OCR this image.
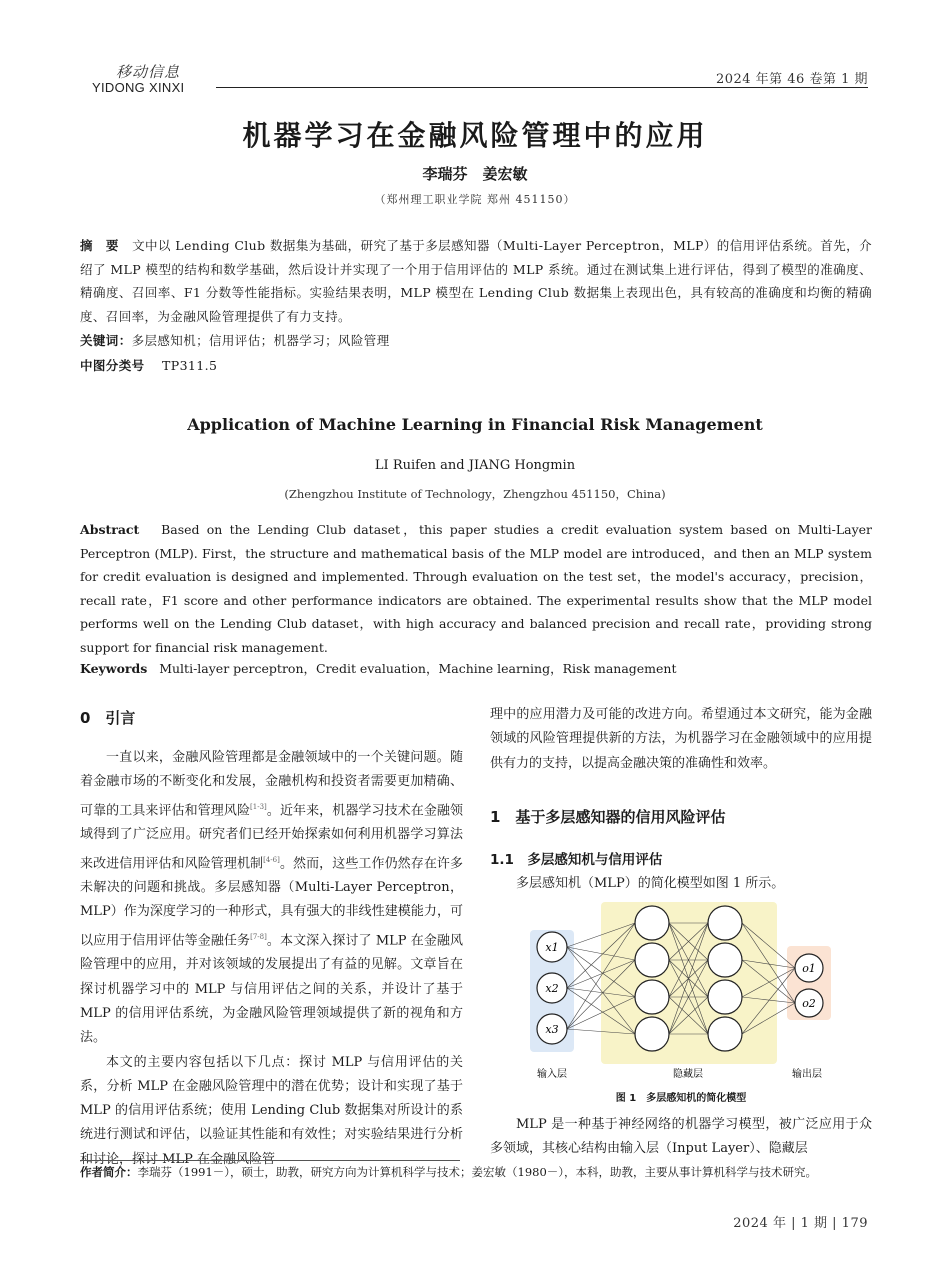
移动信息
YIDONG XINXI
2024 年第 46 卷第 1 期
机器学习在金融风险管理中的应用
李瑞芬　姜宏敏
（郑州理工职业学院 郑州 451150）
摘　要 文中以 Lending Club 数据集为基础，研究了基于多层感知器（Multi-Layer Perceptron，MLP）的信用评估系统。首先，介绍了 MLP 模型的结构和数学基础，然后设计并实现了一个用于信用评估的 MLP 系统。通过在测试集上进行评估，得到了模型的准确度、精确度、召回率、F1 分数等性能指标。实验结果表明，MLP 模型在 Lending Club 数据集上表现出色，具有较高的准确度和均衡的精确度、召回率，为金融风险管理提供了有力支持。
关键词：多层感知机；信用评估；机器学习；风险管理
中图分类号 TP311.5
Application of Machine Learning in Financial Risk Management
LI Ruifen and JIANG Hongmin
(Zhengzhou Institute of Technology，Zhengzhou 451150，China)
Abstract Based on the Lending Club dataset，this paper studies a credit evaluation system based on Multi-Layer Perceptron (MLP). First，the structure and mathematical basis of the MLP model are introduced，and then an MLP system for credit evaluation is designed and implemented. Through evaluation on the test set，the model's accuracy，precision，recall rate，F1 score and other performance indicators are obtained. The experimental results show that the MLP model performs well on the Lending Club dataset，with high accuracy and balanced precision and recall rate，providing strong support for financial risk management.
Keywords Multi-layer perceptron，Credit evaluation，Machine learning，Risk management
0　引言

一直以来，金融风险管理都是金融领域中的一个关键问题。随着金融市场的不断变化和发展，金融机构和投资者需要更加精确、可靠的工具来评估和管理风险[1-3]。近年来，机器学习技术在金融领域得到了广泛应用。研究者们已经开始探索如何利用机器学习算法来改进信用评估和风险管理机制[4-6]。然而，这些工作仍然存在许多未解决的问题和挑战。多层感知器（Multi-Layer Perceptron，MLP）作为深度学习的一种形式，具有强大的非线性建模能力，可以应用于信用评估等金融任务[7-8]。本文深入探讨了 MLP 在金融风险管理中的应用，并对该领域的发展提出了有益的见解。文章旨在探讨机器学习中的 MLP 与信用评估之间的关系，并设计了基于 MLP 的信用评估系统，为金融风险管理领域提供了新的视角和方法。

本文的主要内容包括以下几点：探讨 MLP 与信用评估的关系，分析 MLP 在金融风险管理中的潜在优势；设计和实现了基于 MLP 的信用评估系统；使用 Lending Club 数据集对所设计的系统进行测试和评估，以验证其性能和有效性；对实验结果进行分析和讨论，探讨 MLP 在金融风险管

理中的应用潜力及可能的改进方向。希望通过本文研究，能为金融领域的风险管理提供新的方法，为机器学习在金融领域中的应用提供有力的支持，以提高金融决策的准确性和效率。

1　基于多层感知器的信用风险评估
1.1　多层感知机与信用评估
多层感知机（MLP）的简化模型如图 1 所示。
x1
x2
x3
o1
o2
输入层	隐藏层	输出层
图 1　多层感知机的简化模型

MLP 是一种基于神经网络的机器学习模型，被广泛应用于众多领域，其核心结构由输入层（Input Layer）、隐藏层

作者简介：李瑞芬（1991－），硕士，助教，研究方向为计算机科学与技术；姜宏敏（1980－），本科，助教，主要从事计算机科学与技术研究。
2024 年 | 1 期 | 179
